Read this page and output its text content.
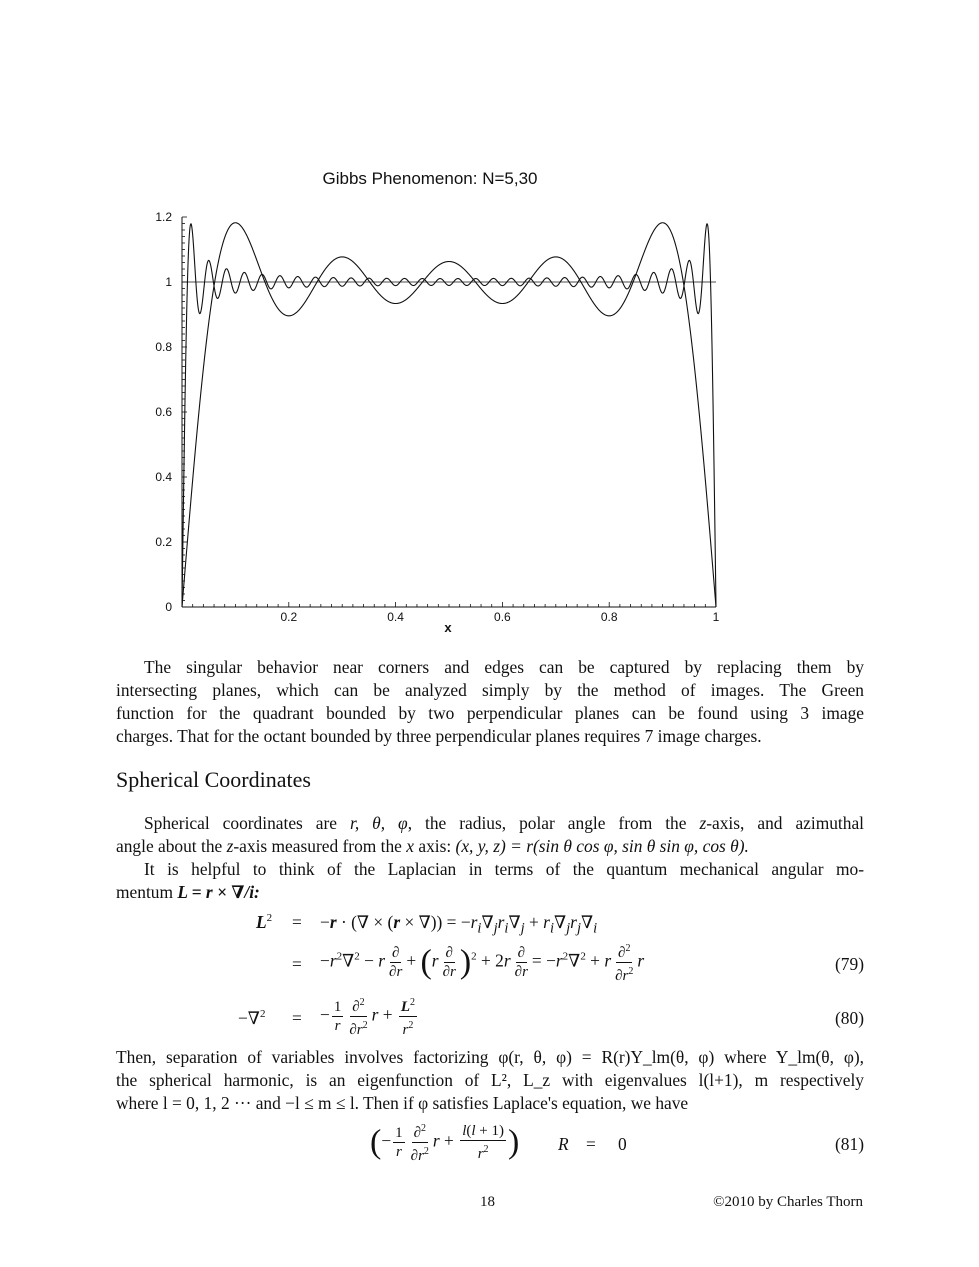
Gibbs Phenomenon: N=5,30
0.2	0.4	0.6	0.8	1
0
0.2
0.4
0.6
0.8
1
1.2
x
The singular behavior near corners and edges can be captured by replacing them by
intersecting planes, which can be analyzed simply by the method of images. The Green
function for the quadrant bounded by two perpendicular planes can be found using 3 image
charges. That for the octant bounded by three perpendicular planes requires 7 image charges.
Spherical Coordinates
Spherical coordinates are r, θ, φ, the radius, polar angle from the z-axis, and azimuthal
angle about the z-axis measured from the x axis: (x, y, z) = r(sin θ cos φ, sin θ sin φ, cos θ).
It is helpful to think of the Laplacian in terms of the quantum mechanical angular mo-
mentum L = r × ∇/i:
$L^2 = -r$ · (∇ × (r × ∇)) = $-r_i\nabla_jr_i\nabla_j + r_i\nabla_jr_j\nabla_i$
= $-r^2\nabla^2 - r \frac{\partial}{\partial r} + (r \frac{\partial}{\partial r} )^2 + 2r \frac{\partial}{\partial r} = -r^2\nabla^2 + r \frac{\partial^2}{\partial r^2}$ r	(79)
−∇$^2$ = − $\frac{1}{r} \frac{\partial^2}{\partial r^2}$ $r + \frac{L^2}{r^2}$	(80)
Then, separation of variables involves factorizing φ(r, θ, φ) = R(r)Y_lm(θ, φ) where Y_lm(θ, φ),
the spherical harmonic, is an eigenfunction of L², L_z with eigenvalues l(l+1), m respectively
where l = 0, 1, 2 ··· and −l ≤ m ≤ l. Then if φ satisfies Laplace's equation, we have
(− $\frac{1}{r} \frac{\partial^2}{\partial r^2}$ $r + \frac{l(l + 1)}{r^2}$ ) R = 0	(81)
18	©2010 by Charles Thorn
